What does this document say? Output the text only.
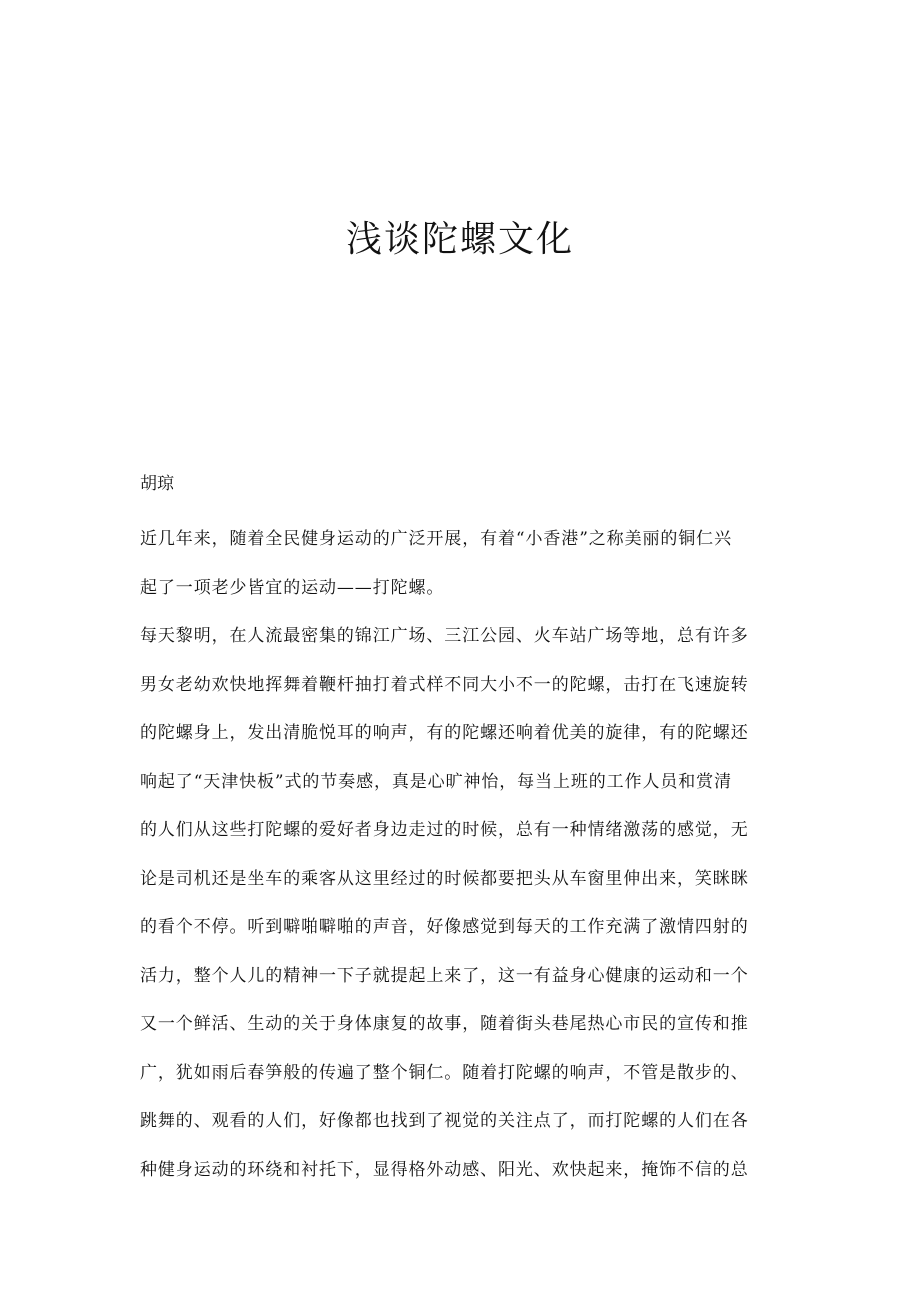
浅谈陀螺文化

胡琼

近几年来，随着全民健身运动的广泛开展，有着“小香港”之称美丽的铜仁兴
起了一项老少皆宜的运动——打陀螺。
每天黎明，在人流最密集的锦江广场、三江公园、火车站广场等地，总有许多
男女老幼欢快地挥舞着鞭杆抽打着式样不同大小不一的陀螺，击打在飞速旋转
的陀螺身上，发出清脆悦耳的响声，有的陀螺还响着优美的旋律，有的陀螺还
响起了“天津快板”式的节奏感，真是心旷神怡，每当上班的工作人员和赏清
的人们从这些打陀螺的爱好者身边走过的时候，总有一种情绪激荡的感觉，无
论是司机还是坐车的乘客从这里经过的时候都要把头从车窗里伸出来，笑眯眯
的看个不停。听到噼啪噼啪的声音，好像感觉到每天的工作充满了激情四射的
活力，整个人儿的精神一下子就提起上来了，这一有益身心健康的运动和一个
又一个鲜活、生动的关于身体康复的故事，随着街头巷尾热心市民的宣传和推
广，犹如雨后春笋般的传遍了整个铜仁。随着打陀螺的响声，不管是散步的、
跳舞的、观看的人们，好像都也找到了视觉的关注点了，而打陀螺的人们在各
种健身运动的环绕和衬托下，显得格外动感、阳光、欢快起来，掩饰不信的总
